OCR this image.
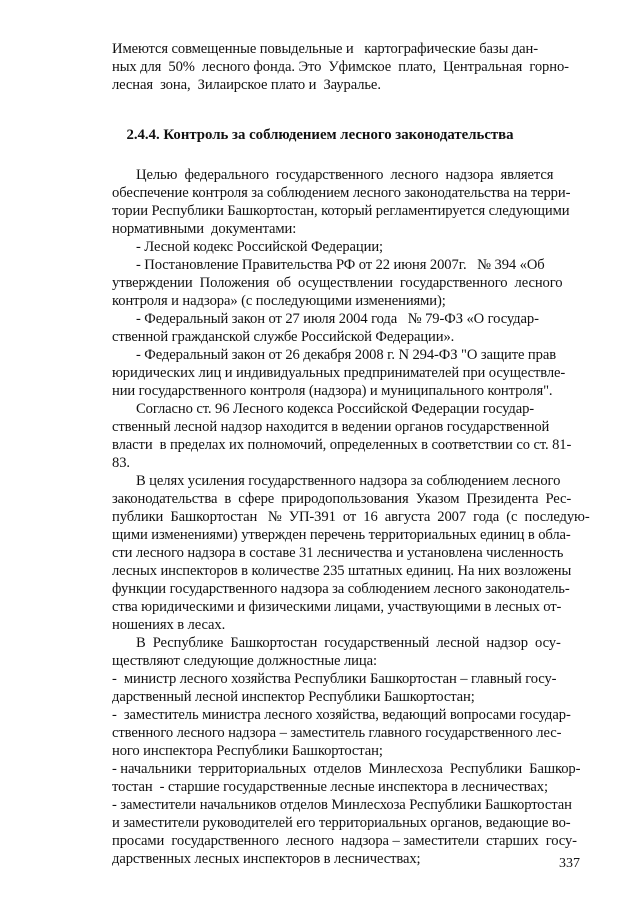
Имеются совмещенные повыдельные и   картографические базы дан-
ных для  50%  лесного фонда. Это  Уфимское  плато,  Центральная  горно-
лесная  зона,  Зилаирское плато и  Зауралье.
2.4.4. Контроль за соблюдением лесного законодательства
Целью  федерального  государственного  лесного  надзора  является
обеспечение контроля за соблюдением лесного законодательства на терри-
тории Республики Башкортостан, который регламентируется следующими
нормативными  документами:
- Лесной кодекс Российской Федерации;
- Постановление Правительства РФ от 22 июня 2007г.   № 394 «Об
утверждении  Положения  об  осуществлении  государственного  лесного
контроля и надзора» (с последующими изменениями);
- Федеральный закон от 27 июля 2004 года   № 79-ФЗ «О государ-
ственной гражданской службе Российской Федерации».
- Федеральный закон от 26 декабря 2008 г. N 294-ФЗ "О защите прав
юридических лиц и индивидуальных предпринимателей при осуществле-
нии государственного контроля (надзора) и муниципального контроля".
Согласно ст. 96 Лесного кодекса Российской Федерации государ-
ственный лесной надзор находится в ведении органов государственной
власти  в пределах их полномочий, определенных в соответствии со ст. 81-
83.
В целях усиления государственного надзора за соблюдением лесного
законодательства  в  сфере  природопользования  Указом  Президента  Рес-
публики  Башкортостан   №  УП-391  от  16  августа  2007  года  (с  последую-
щими изменениями) утвержден перечень территориальных единиц в обла-
сти лесного надзора в составе 31 лесничества и установлена численность
лесных инспекторов в количестве 235 штатных единиц. На них возложены
функции государственного надзора за соблюдением лесного законодатель-
ства юридическими и физическими лицами, участвующими в лесных от-
ношениях в лесах.
В  Республике  Башкортостан  государственный  лесной  надзор  осу-
ществляют следующие должностные лица:
-  министр лесного хозяйства Республики Башкортостан – главный госу-
дарственный лесной инспектор Республики Башкортостан;
-  заместитель министра лесного хозяйства, ведающий вопросами государ-
ственного лесного надзора – заместитель главного государственного лес-
ного инспектора Республики Башкортостан;
- начальники  территориальных  отделов  Минлесхоза  Республики  Башкор-
тостан  - старшие государственные лесные инспектора в лесничествах;
- заместители начальников отделов Минлесхоза Республики Башкортостан
и заместители руководителей его территориальных органов, ведающие во-
просами  государственного  лесного  надзора – заместители  старших  госу-
дарственных лесных инспекторов в лесничествах;	337
